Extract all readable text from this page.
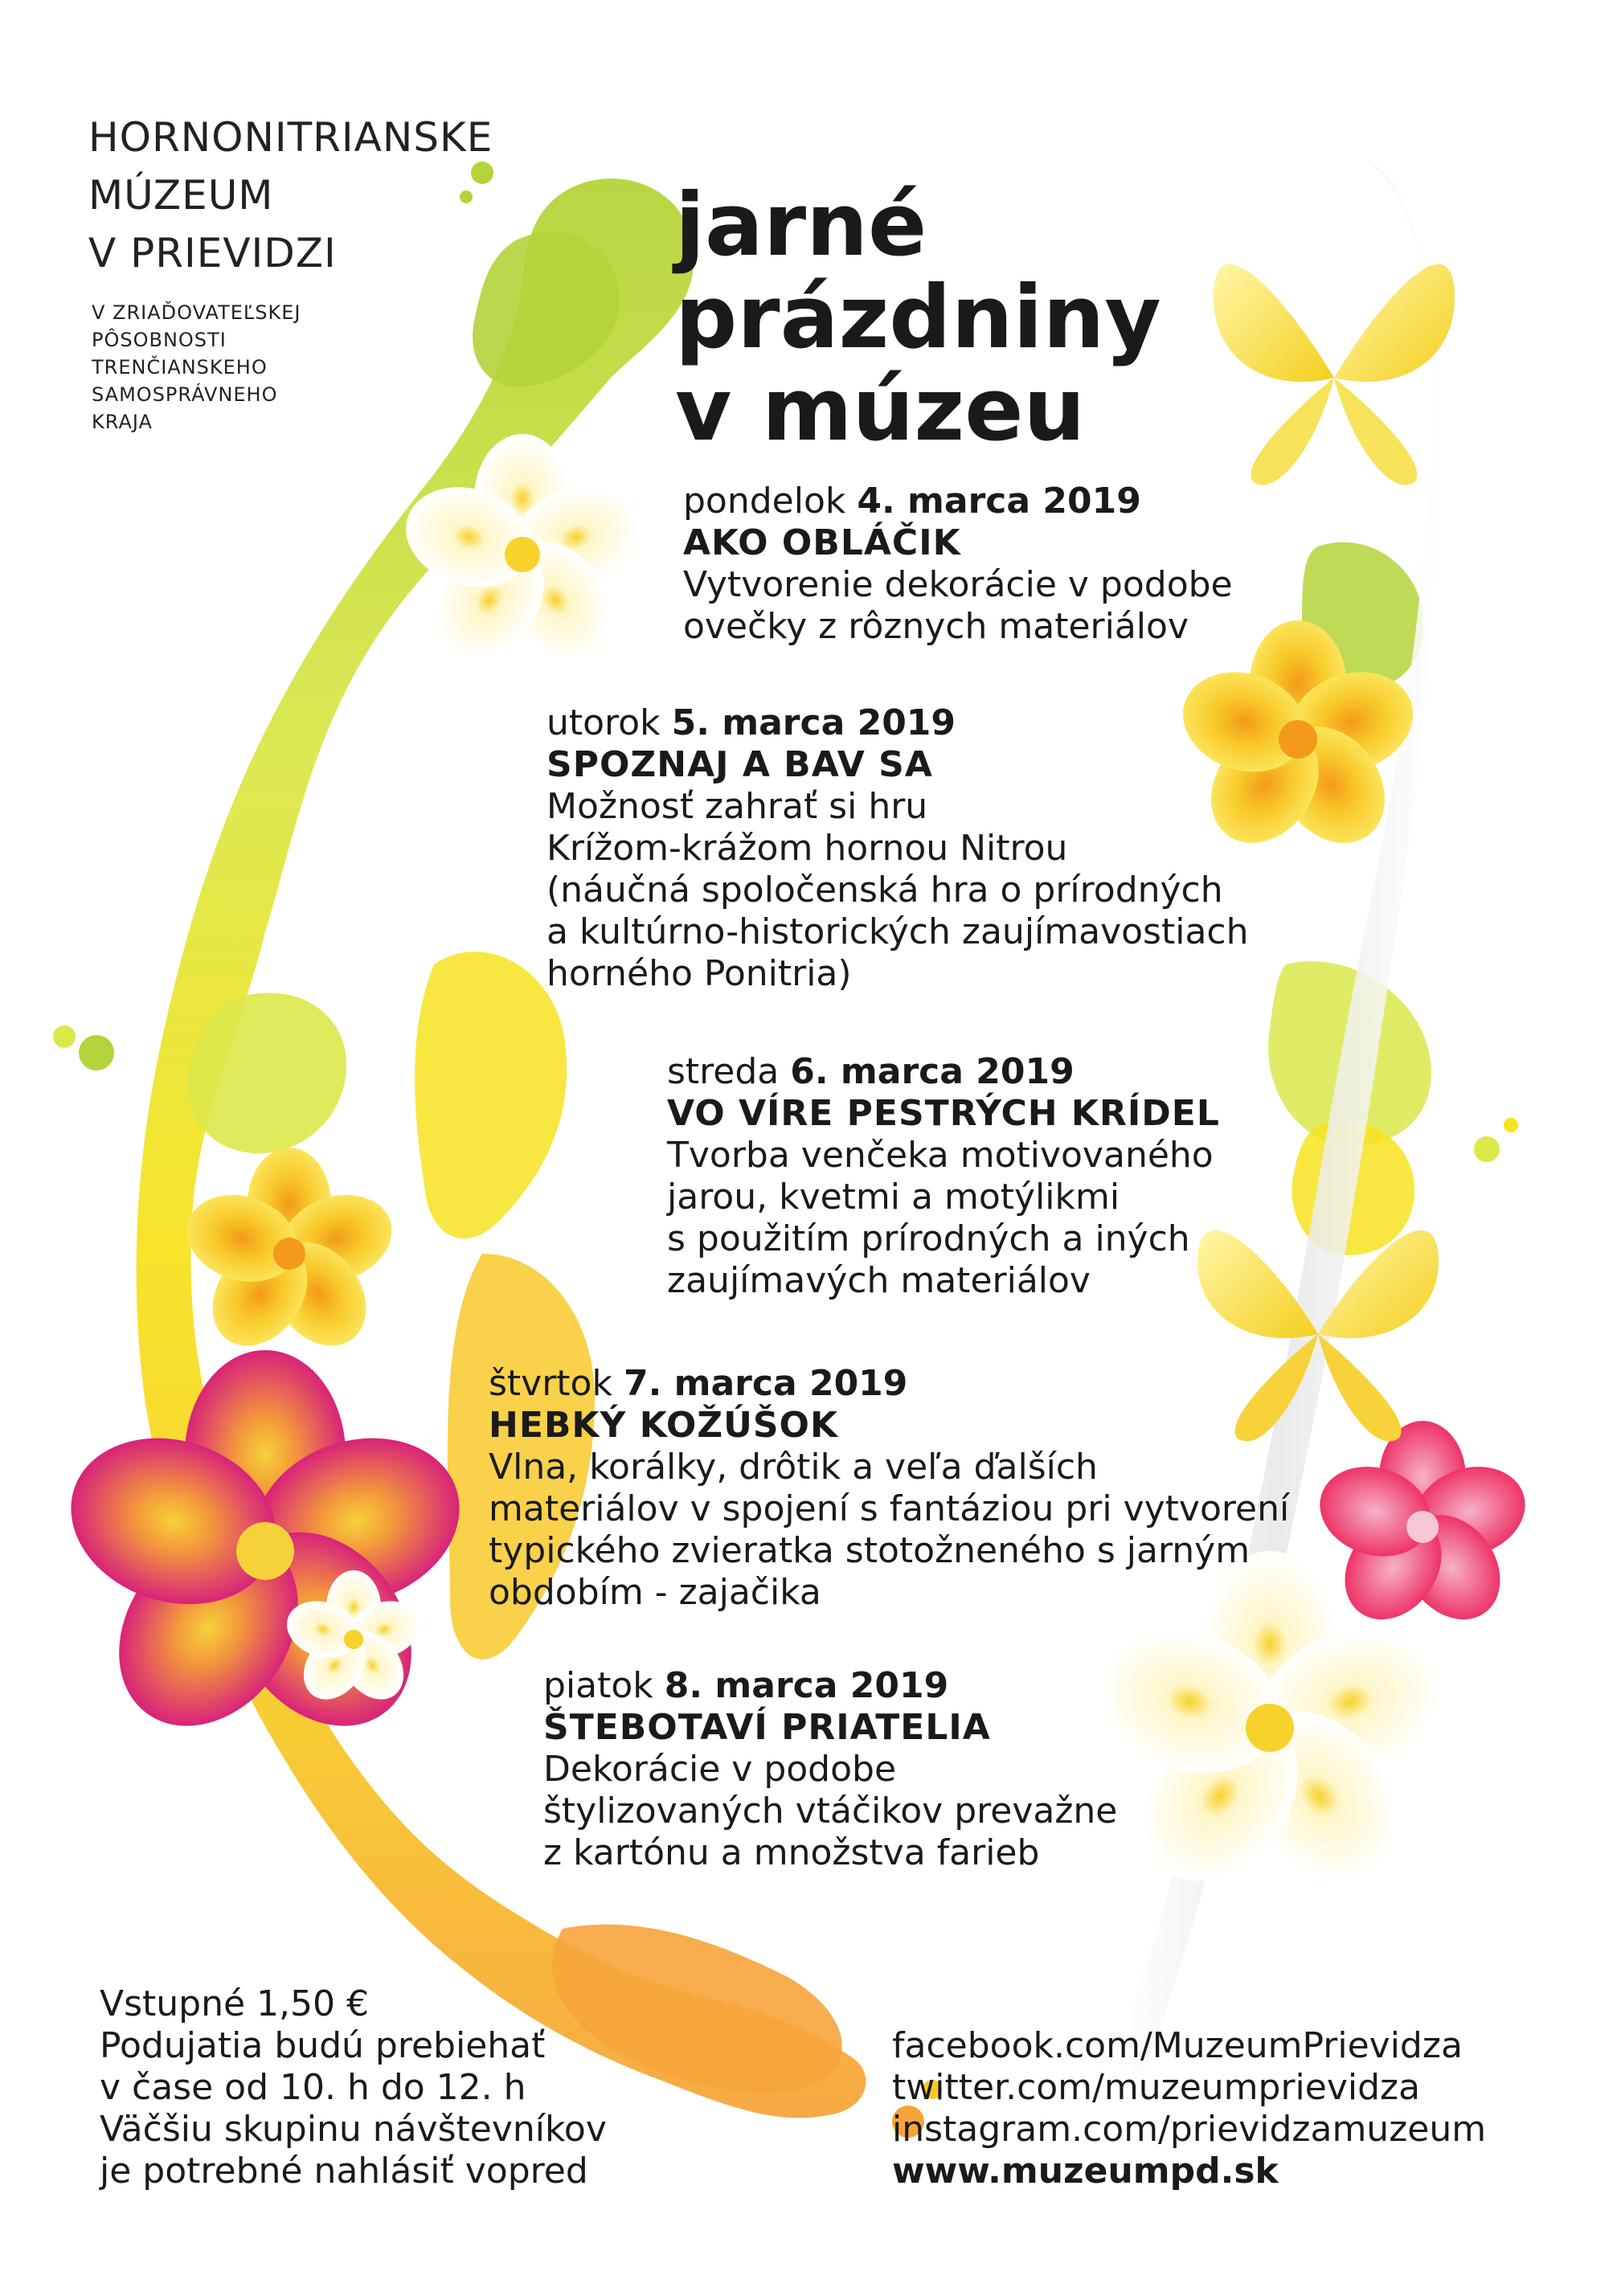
HORNONITRIANSKE
MÚZEUM
V PRIEVIDZI
V ZRIAĎOVATEĽSKEJ
PÔSOBNOSTI
TRENČIANSKEHO
SAMOSPRÁVNEHO
KRAJA
jarné
prázdniny
v múzeu
pondelok 4. marca 2019
AKO OBLÁČIK
Vytvorenie dekorácie v podobe
ovečky z rôznych materiálov
utorok 5. marca 2019
SPOZNAJ A BAV SA
Možnosť zahrať si hru
Krížom-krážom hornou Nitrou
(náučná spoločenská hra o prírodných
a kultúrno-historických zaujímavostiach
horného Ponitria)
streda 6. marca 2019
VO VÍRE PESTRÝCH KRÍDEL
Tvorba venčeka motivovaného
jarou, kvetmi a motýlikmi
s použitím prírodných a iných
zaujímavých materiálov
štvrtok 7. marca 2019
HEBKÝ KOŽÚŠOK
Vlna, korálky, drôtik a veľa ďalších
materiálov v spojení s fantáziou pri vytvorení
typického zvieratka stotožneného s jarným
obdobím - zajačika
piatok 8. marca 2019
ŠTEBOTAVÍ PRIATELIA
Dekorácie v podobe
štylizovaných vtáčikov prevažne
z kartónu a množstva farieb
Vstupné 1,50 €
Podujatia budú prebiehať
v čase od 10. h do 12. h
Väčšiu skupinu návštevníkov
je potrebné nahlásiť vopred
facebook.com/MuzeumPrievidza
twitter.com/muzeumprievidza
instagram.com/prievidzamuzeum
www.muzeumpd.sk
